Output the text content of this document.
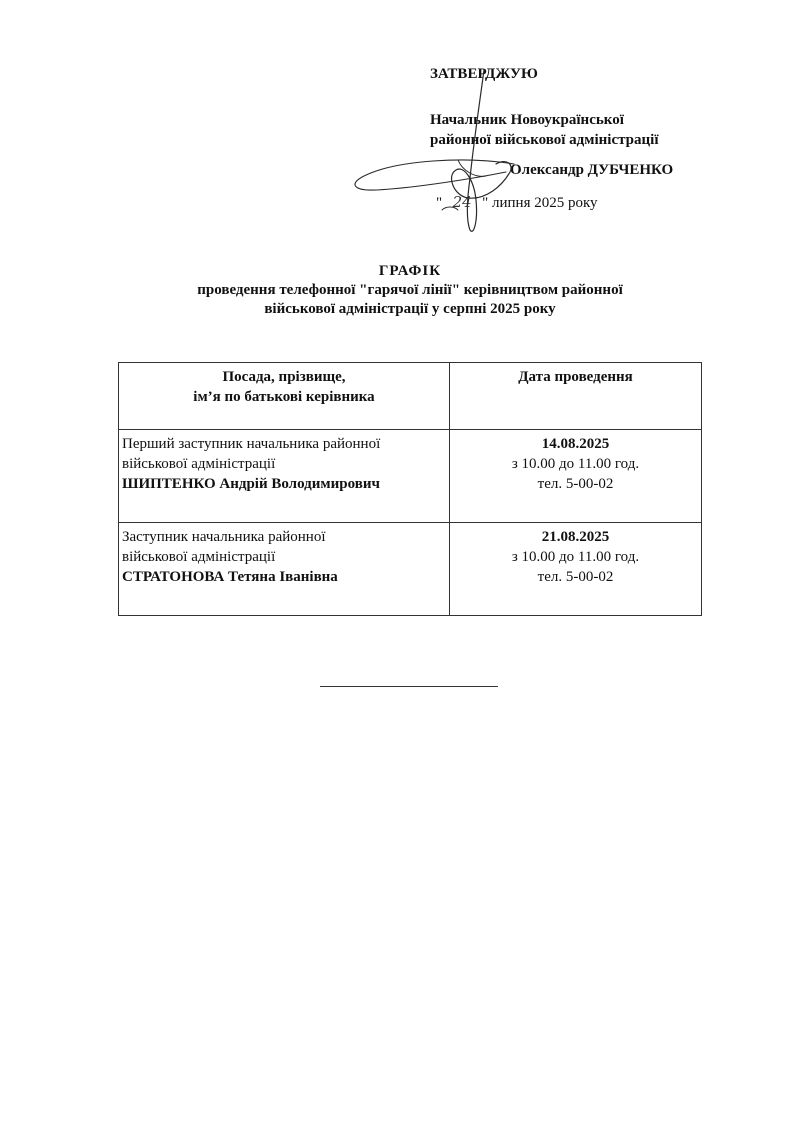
ЗАТВЕРДЖУЮ
Начальник Новоукраїнської
районної військової адміністрації
Олександр ДУБЧЕНКО
" 24 " липня 2025 року
ГРАФІК
проведення телефонної "гарячої лінії" керівництвом районної
військової адміністрації у серпні 2025 року
Посада, прізвище,
ім’я по батькові керівника	Дата проведення

Перший заступник начальника районної
військової адміністрації
ШИПТЕНКО Андрій Володимирович	14.08.2025
з 10.00 до 11.00 год.
тел. 5-00-02

Заступник начальника районної
військової адміністрації
СТРАТОНОВА Тетяна Іванівна	21.08.2025
з 10.00 до 11.00 год.
тел. 5-00-02
